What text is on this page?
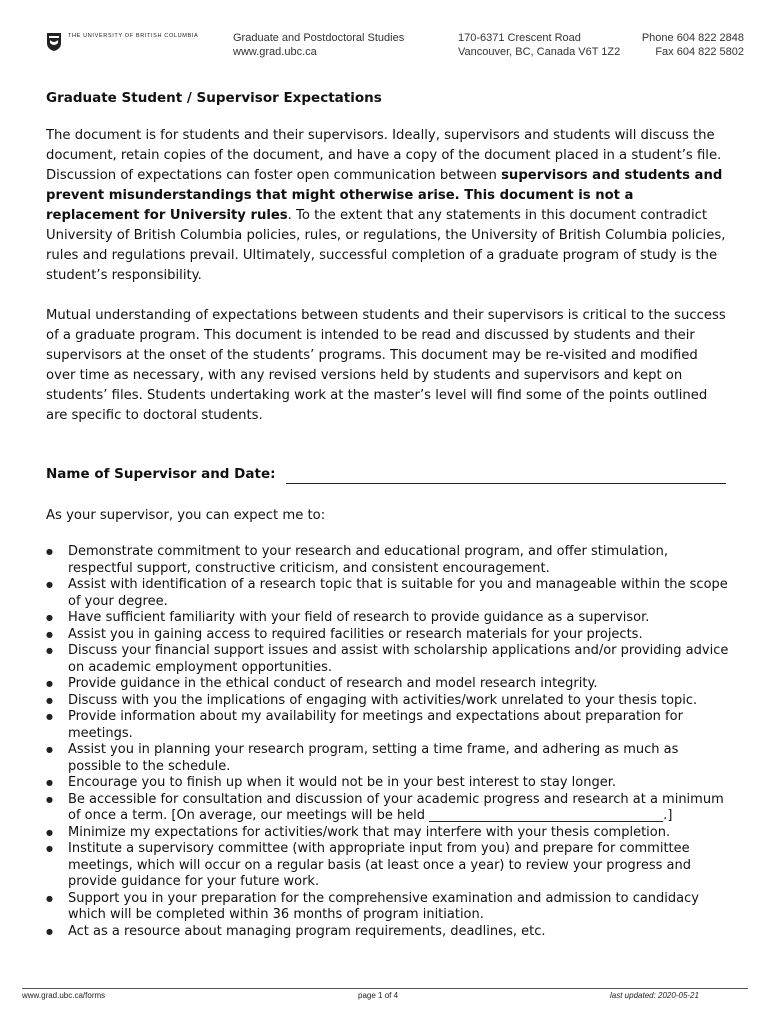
THE UNIVERSITY OF BRITISH COLUMBIA	Graduate and Postdoctoral Studies
www.grad.ubc.ca
170-6371 Crescent Road
Vancouver, BC, Canada V6T 1Z2
Phone 604 822 2848
Fax 604 822 5802
Graduate Student / Supervisor Expectations

The document is for students and their supervisors. Ideally, supervisors and students will discuss the document, retain copies of the document, and have a copy of the document placed in a student’s file. Discussion of expectations can foster open communication between supervisors and students and prevent misunderstandings that might otherwise arise. This document is not a replacement for University rules. To the extent that any statements in this document contradict University of British Columbia policies, rules, or regulations, the University of British Columbia policies, rules and regulations prevail. Ultimately, successful completion of a graduate program of study is the student’s responsibility.

Mutual understanding of expectations between students and their supervisors is critical to the success of a graduate program. This document is intended to be read and discussed by students and their supervisors at the onset of the students’ programs. This document may be re-visited and modified over time as necessary, with any revised versions held by students and supervisors and kept on students’ files. Students undertaking work at the master’s level will find some of the points outlined are specific to doctoral students.

Name of Supervisor and Date:
As your supervisor, you can expect me to:
● Demonstrate commitment to your research and educational program, and offer stimulation, respectful support, constructive criticism, and consistent encouragement.
● Assist with identification of a research topic that is suitable for you and manageable within the scope of your degree.
● Have sufficient familiarity with your field of research to provide guidance as a supervisor.
● Assist you in gaining access to required facilities or research materials for your projects.
● Discuss your financial support issues and assist with scholarship applications and/or providing advice on academic employment opportunities.
● Provide guidance in the ethical conduct of research and model research integrity.
● Discuss with you the implications of engaging with activities/work unrelated to your thesis topic.
● Provide information about my availability for meetings and expectations about preparation for meetings.
● Assist you in planning your research program, setting a time frame, and adhering as much as possible to the schedule.
● Encourage you to finish up when it would not be in your best interest to stay longer.
● Be accessible for consultation and discussion of your academic progress and research at a minimum of once a term. [On average, our meetings will be held ____________________________________.]
● Minimize my expectations for activities/work that may interfere with your thesis completion.
● Institute a supervisory committee (with appropriate input from you) and prepare for committee meetings, which will occur on a regular basis (at least once a year) to review your progress and provide guidance for your future work.
● Support you in your preparation for the comprehensive examination and admission to candidacy which will be completed within 36 months of program initiation.
● Act as a resource about managing program requirements, deadlines, etc.
www.grad.ubc.ca/forms	page 1 of 4	last updated: 2020-05-21
